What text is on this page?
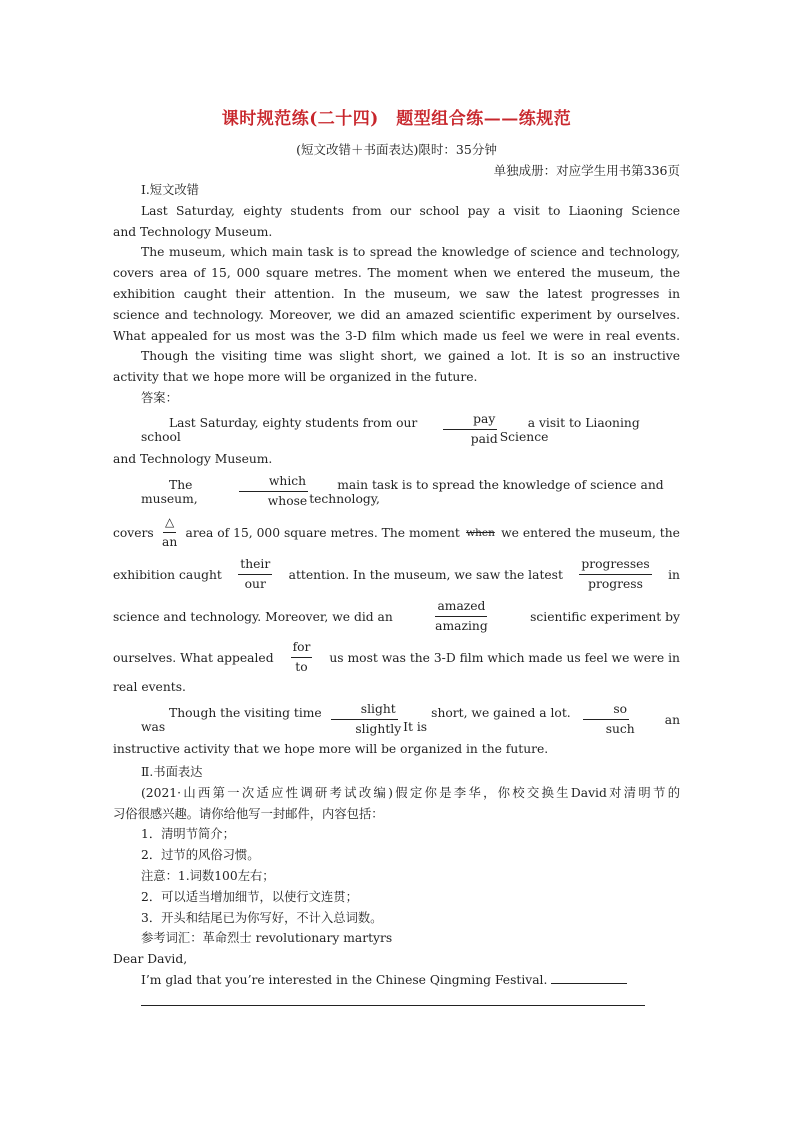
课时规范练(二十四)　题型组合练——练规范
(短文改错＋书面表达)限时：35分钟
单独成册：对应学生用书第336页

Ⅰ.短文改错

Last Saturday, eighty students from our school pay a visit to Liaoning Science

and Technology Museum.

The museum, which main task is to spread the knowledge of science and technology,

covers area of 15, 000 square metres. The moment when we entered the museum, the

exhibition caught their attention. In the museum, we saw the latest progresses in

science and technology. Moreover, we did an amazed scientific experiment by ourselves.

What appealed for us most was the 3-D film which made us feel we were in real events.

Though the visiting time was slight short, we gained a lot. It is so an instructive

activity that we hope more will be organized in the future.

答案：

Last Saturday, eighty students from our school	$\frac{\text{pay}}{\text{paid}}$	a visit to Liaoning Science
and Technology Museum.
The museum,	$\frac{\text{which}}{\text{whose}}$	main task is to spread the knowledge of science and technology,
covers $\frac{\triangle}{an}$ area of 15, 000 square metres. The moment when we entered the museum, the
exhibition caught $\frac{\text{their}}{\text{our}}$ attention. In the museum, we saw the latest $\frac{\text{progresses}}{\text{progress}}$ in
science and technology. Moreover, we did an	$\frac{\text{amazed}}{\text{amazing}}$	scientific experiment by
ourselves. What appealed $\frac{\text{for}}{to}$ us most was the 3-D film which made us feel we were in
real events.
Though the visiting time was	$\frac{\text{slight}}{\text{slightly}}$	short, we gained a lot. It is	$\frac{so}{\text{such}}$	an
instructive activity that we hope more will be organized in the future.

Ⅱ.书面表达

(2021·山西第一次适应性调研考试改编)假定你是李华，你校交换生David对清明节的

习俗很感兴趣。请你给他写一封邮件，内容包括：

1．清明节简介；

2．过节的风俗习惯。

注意：1.词数100左右；

2．可以适当增加细节，以使行文连贯；

3．开头和结尾已为你写好，不计入总词数。

参考词汇：革命烈士 revolutionary martyrs

Dear David,

I’m glad that you’re interested in the Chinese Qingming Festival.
